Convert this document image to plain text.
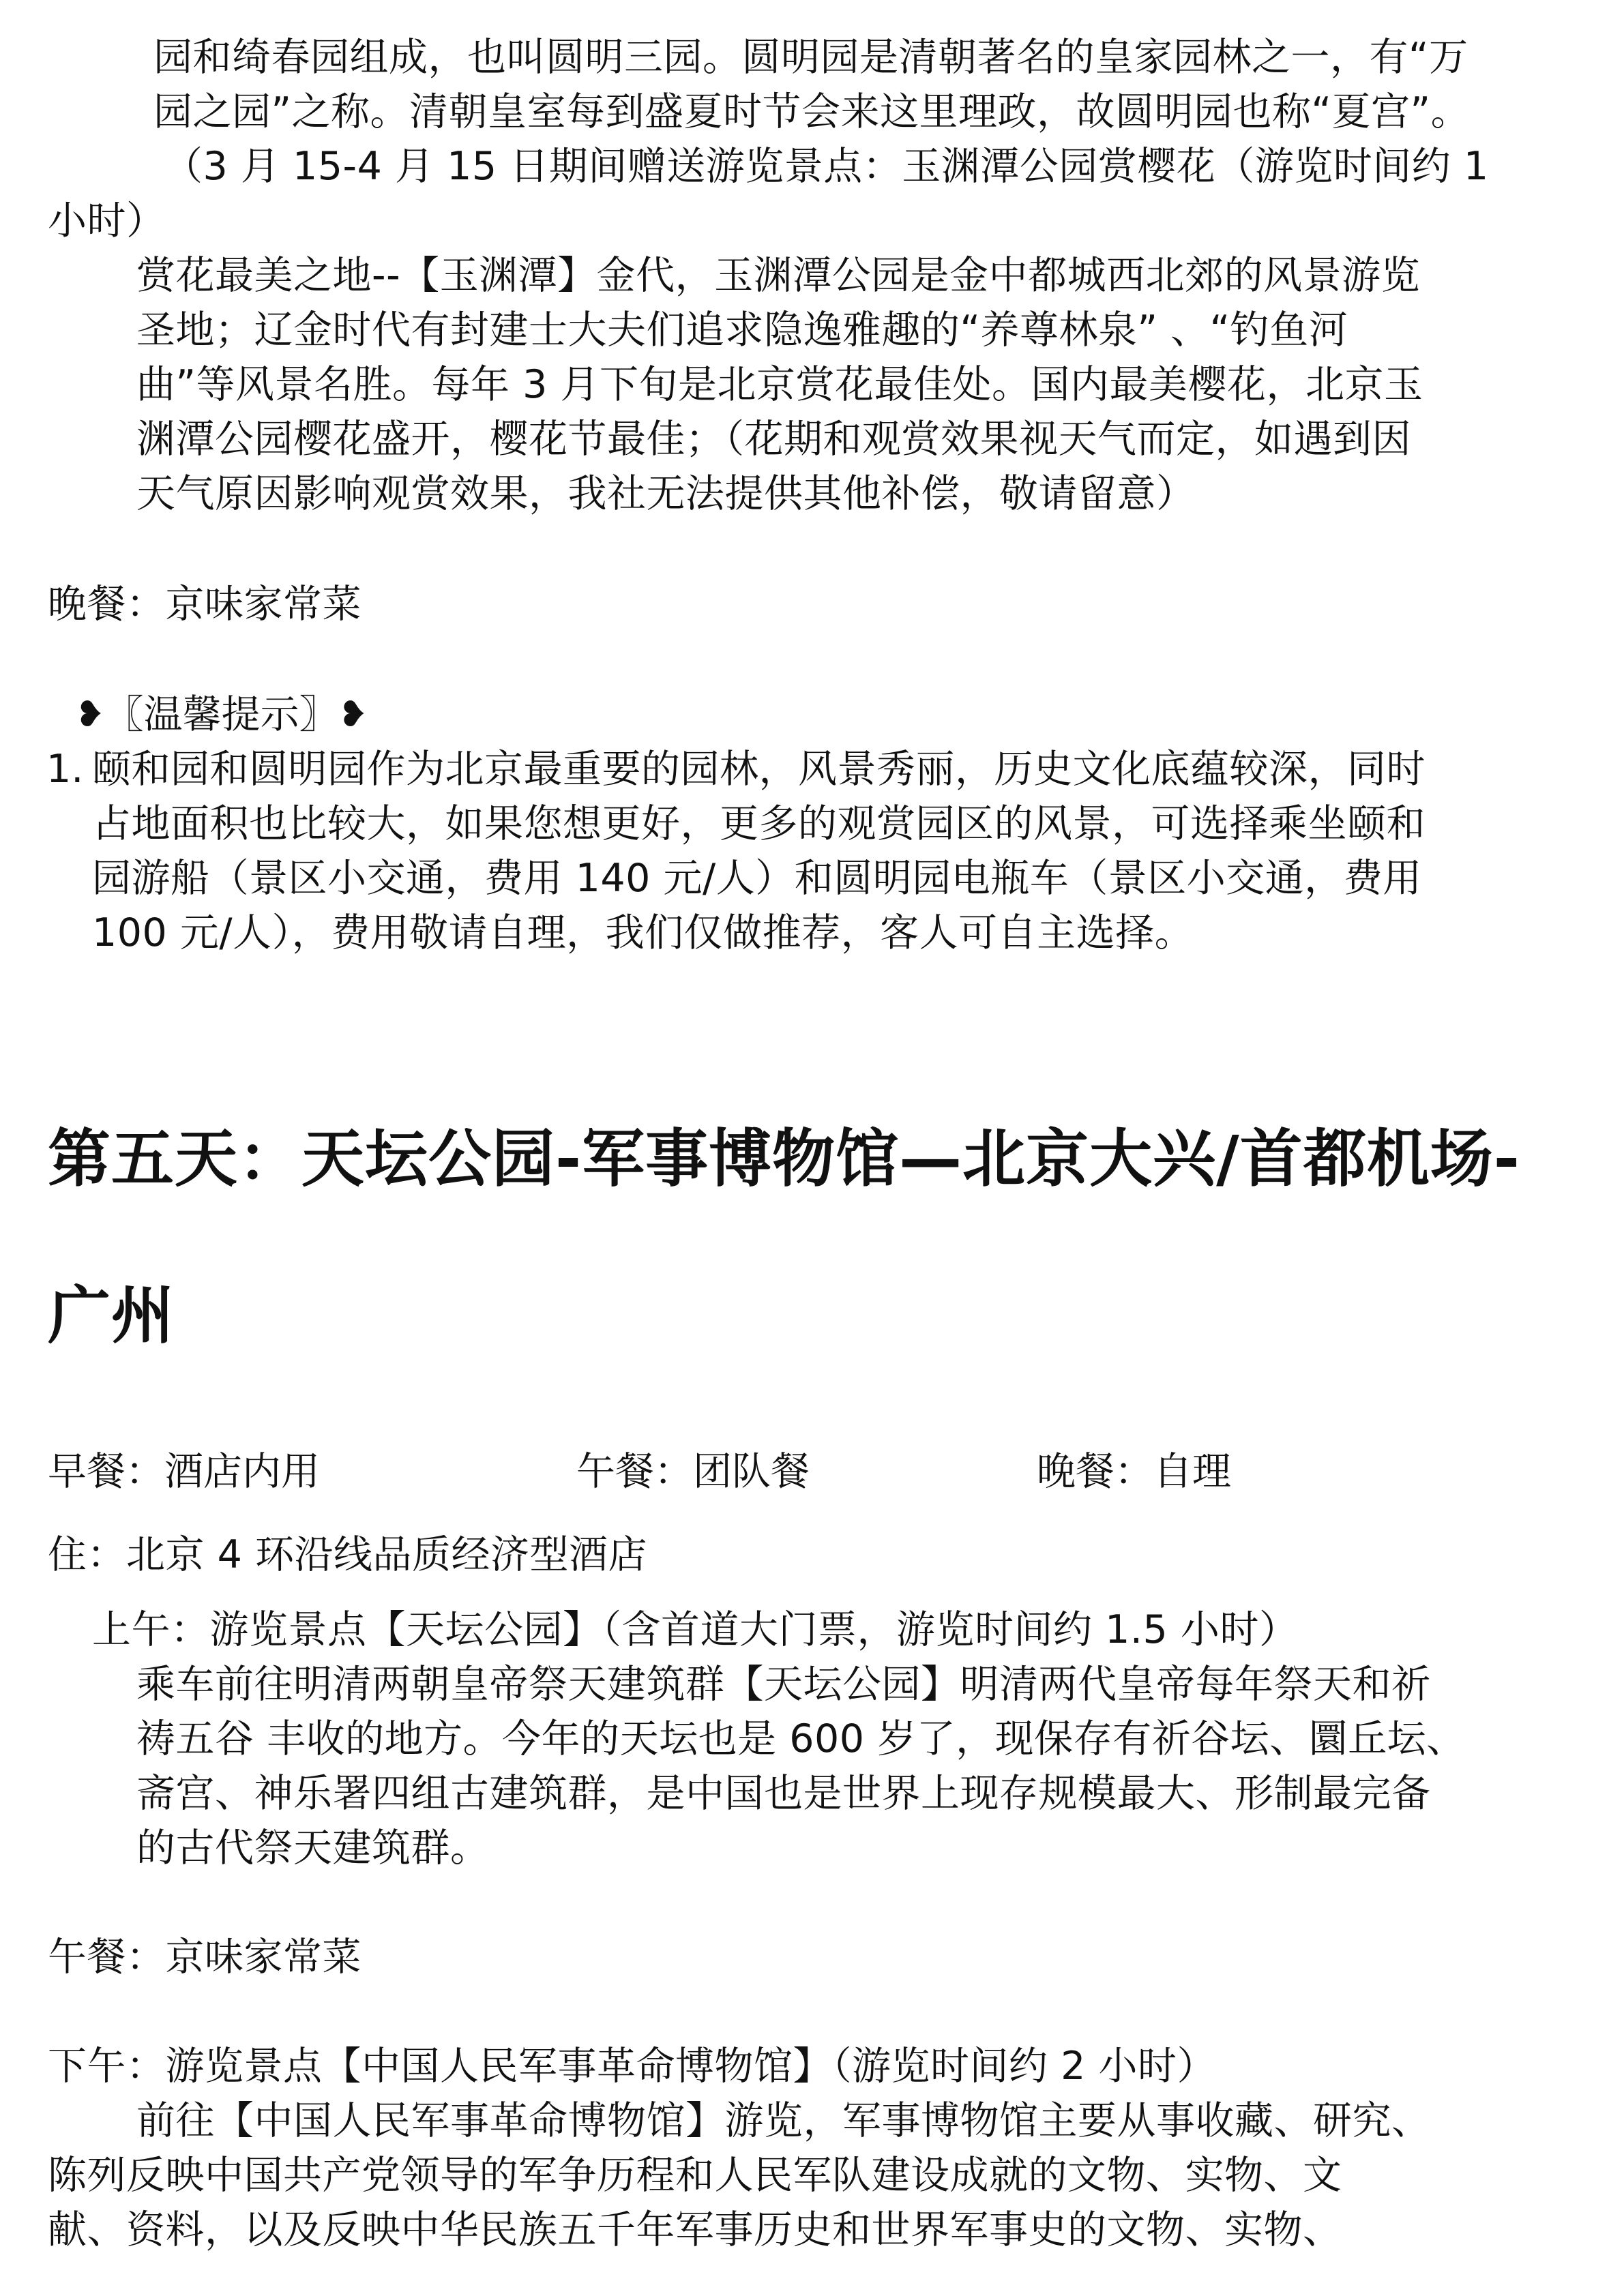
园和绮春园组成，也叫圆明三园。圆明园是清朝著名的皇家园林之一，有“万
园之园”之称。清朝皇室每到盛夏时节会来这里理政，故圆明园也称“夏宫”。
（3 月 15-4 月 15 日期间赠送游览景点：玉渊潭公园赏樱花（游览时间约 1
小时）
赏花最美之地--【玉渊潭】金代，玉渊潭公园是金中都城西北郊的风景游览
圣地；辽金时代有封建士大夫们追求隐逸雅趣的“养尊林泉” 、“钓鱼河
曲”等风景名胜。每年 3 月下旬是北京赏花最佳处。国内最美樱花，北京玉
渊潭公园樱花盛开，樱花节最佳；（花期和观赏效果视天气而定，如遇到因
天气原因影响观赏效果，我社无法提供其他补偿，敬请留意）
晚餐：京味家常菜
❥〖温馨提示〗❥
1. 颐和园和圆明园作为北京最重要的园林，风景秀丽，历史文化底蕴较深，同时
占地面积也比较大，如果您想更好，更多的观赏园区的风景，可选择乘坐颐和
园游船（景区小交通，费用 140 元/人）和圆明园电瓶车（景区小交通，费用
100 元/人），费用敬请自理，我们仅做推荐，客人可自主选择。
第五天：天坛公园-军事博物馆—北京大兴/首都机场-
广州
早餐：酒店内用	午餐：团队餐	晚餐：自理
住：北京 4 环沿线品质经济型酒店
上午：游览景点【天坛公园】（含首道大门票，游览时间约 1.5 小时）
乘车前往明清两朝皇帝祭天建筑群【天坛公园】明清两代皇帝每年祭天和祈
祷五谷 丰收的地方。今年的天坛也是 600 岁了，现保存有祈谷坛、圜丘坛、
斋宫、神乐署四组古建筑群，是中国也是世界上现存规模最大、形制最完备
的古代祭天建筑群。
午餐：京味家常菜
下午：游览景点【中国人民军事革命博物馆】（游览时间约 2 小时）
前往【中国人民军事革命博物馆】游览，军事博物馆主要从事收藏、研究、
陈列反映中国共产党领导的军争历程和人民军队建设成就的文物、实物、文
献、资料，以及反映中华民族五千年军事历史和世界军事史的文物、实物、
